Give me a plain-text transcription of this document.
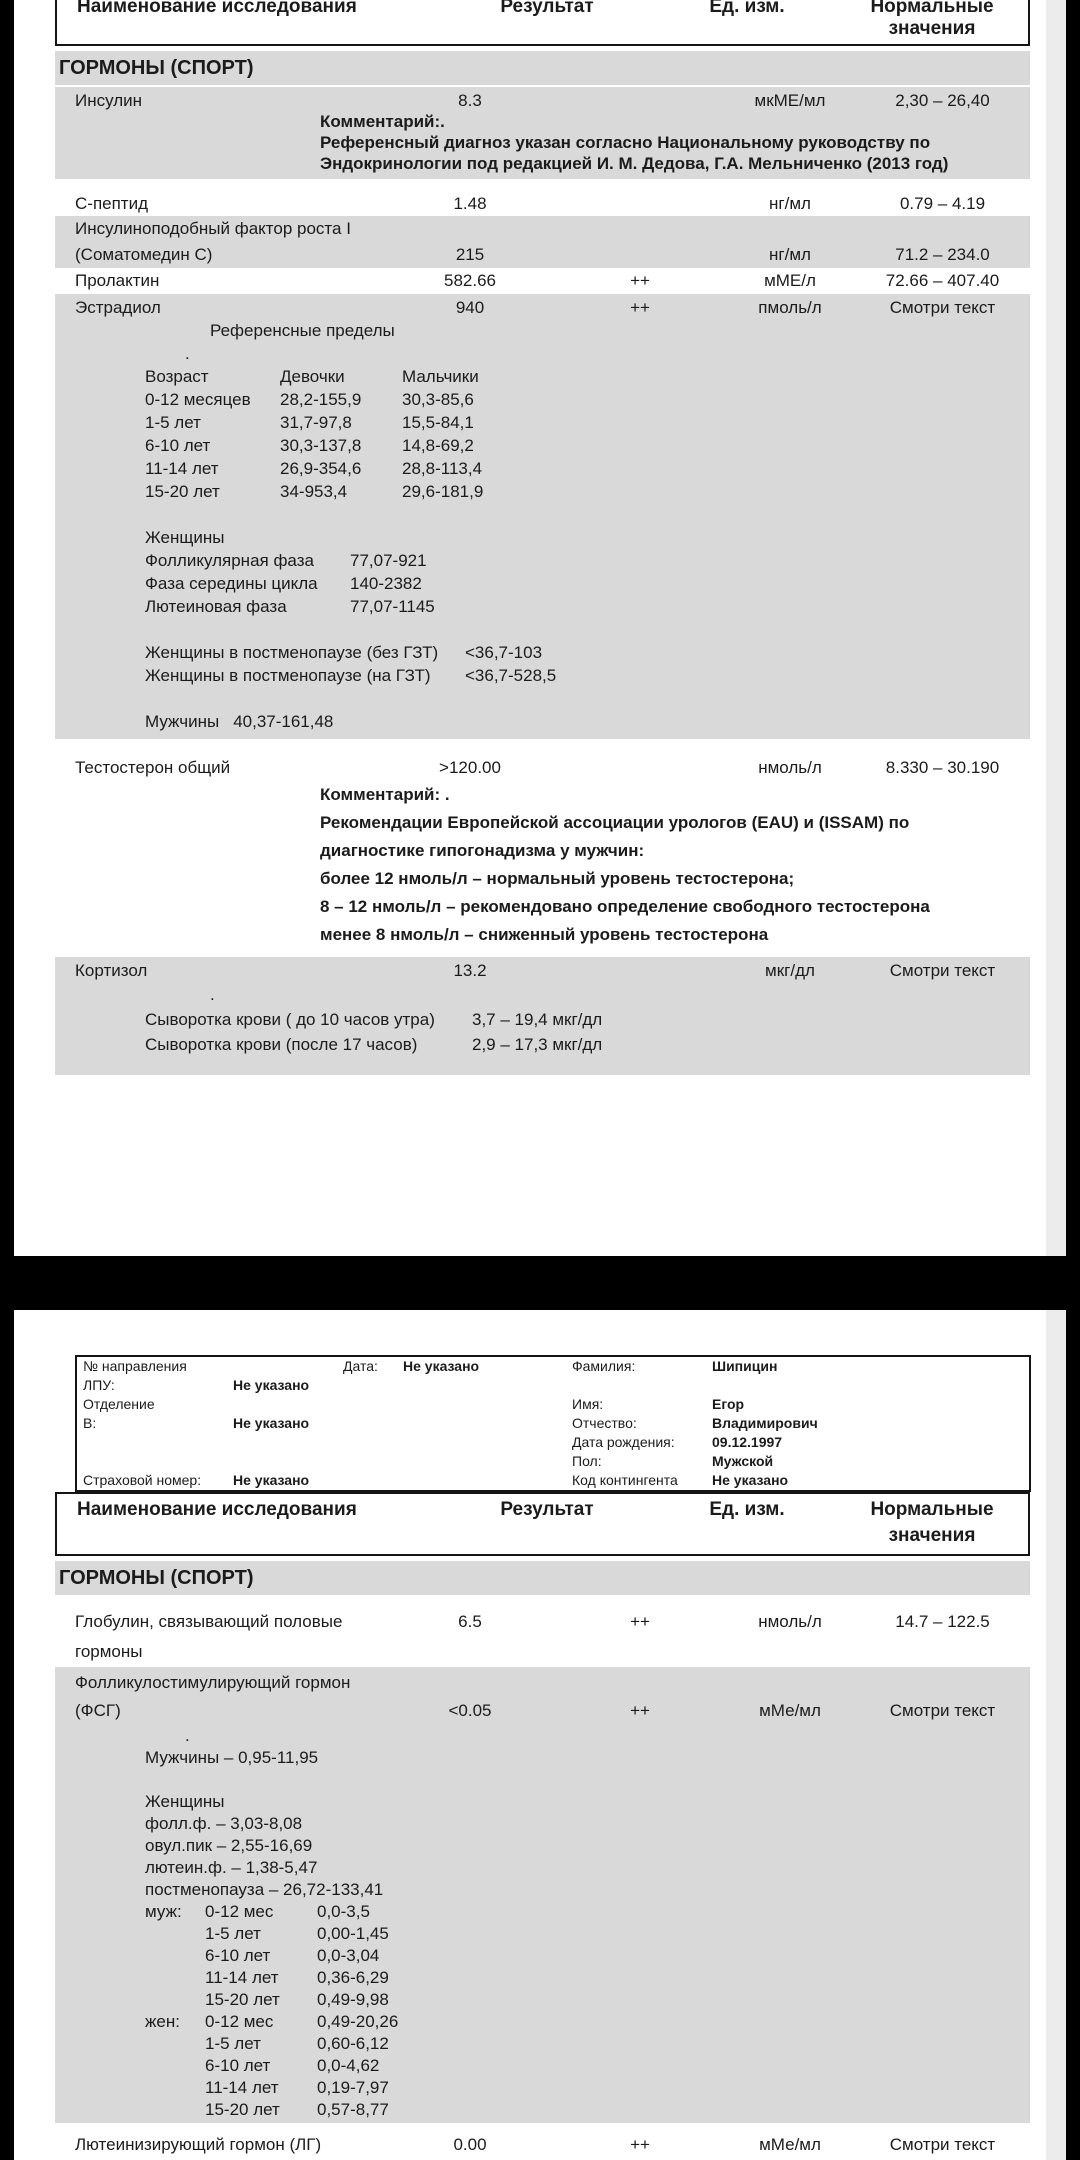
Наименование исследования	Результат	Ед. изм.	Нормальные
значения
ГОРМОНЫ (СПОРТ)
Инсулин	8.3	мкМЕ/мл	2,30 – 26,40
Комментарий:.
Референсный диагноз указан согласно Национальному руководству по
Эндокринологии под редакцией И. М. Дедова, Г.А. Мельниченко (2013 год)
С-пептид	1.48	нг/мл	0.79 – 4.19
Инсулиноподобный фактор роста I
(Соматомедин С)	215	нг/мл	71.2 – 234.0
Пролактин	582.66	++	мМЕ/л	72.66 – 407.40
Эстрадиол	940	++	пмоль/л	Смотри текст
Референсные пределы
.
Возраст	Девочки	Мальчики
0-12 месяцев	28,2-155,9	30,3-85,6
1-5 лет	31,7-97,8	15,5-84,1
6-10 лет	30,3-137,8	14,8-69,2
11-14 лет	26,9-354,6	28,8-113,4
15-20 лет	34-953,4	29,6-181,9

Женщины
Фолликулярная фаза	77,07-921
Фаза середины цикла	140-2382
Лютеиновая фаза	77,07-1145

Женщины в постменопаузе (без ГЗТ)	<36,7-103
Женщины в постменопаузе (на ГЗТ)	<36,7-528,5

Мужчины 40,37-161,48
Тестостерон общий	>120.00	нмоль/л	8.330 – 30.190
Комментарий: .
Рекомендации Европейской ассоциации урологов (EAU) и (ISSAM) по
диагностике гипогонадизма у мужчин:
более 12 нмоль/л – нормальный уровень тестостерона;
8 – 12 нмоль/л – рекомендовано определение свободного тестостерона
менее 8 нмоль/л – сниженный уровень тестостерона
Кортизол	13.2	мкг/дл	Смотри текст
.
Сыворотка крови ( до 10 часов утра)	3,7 – 19,4 мкг/дл
Сыворотка крови (после 17 часов)	2,9 – 17,3 мкг/дл
№ направления	Дата:	Не указано
ЛПУ:	Не указано
Отделение
В:	Не указано

Страховой номер:	Не указано
Фамилия:	Шипицин

Имя:	Егор
Отчество:	Владимирович
Дата рождения:	09.12.1997
Пол:	Мужской
Код контингента	Не указано
Наименование исследования	Результат	Ед. изм.	Нормальные
значения
ГОРМОНЫ (СПОРТ)
Глобулин, связывающий половые	6.5	++	нмоль/л	14.7 – 122.5
гормоны
Фолликулостимулирующий гормон
(ФСГ)	<0.05	++	мМе/мл	Смотри текст
.
Мужчины – 0,95-11,95

Женщины
фолл.ф. – 3,03-8,08
овул.пик – 2,55-16,69
лютеин.ф. – 1,38-5,47
постменопауза – 26,72-133,41
муж:	0-12 мес	0,0-3,5
1-5 лет	0,00-1,45
6-10 лет	0,0-3,04
11-14 лет	0,36-6,29
15-20 лет	0,49-9,98
жен:	0-12 мес	0,49-20,26
1-5 лет	0,60-6,12
6-10 лет	0,0-4,62
11-14 лет	0,19-7,97
15-20 лет	0,57-8,77
Лютеинизирующий гормон (ЛГ)	0.00	++	мМе/мл	Смотри текст
